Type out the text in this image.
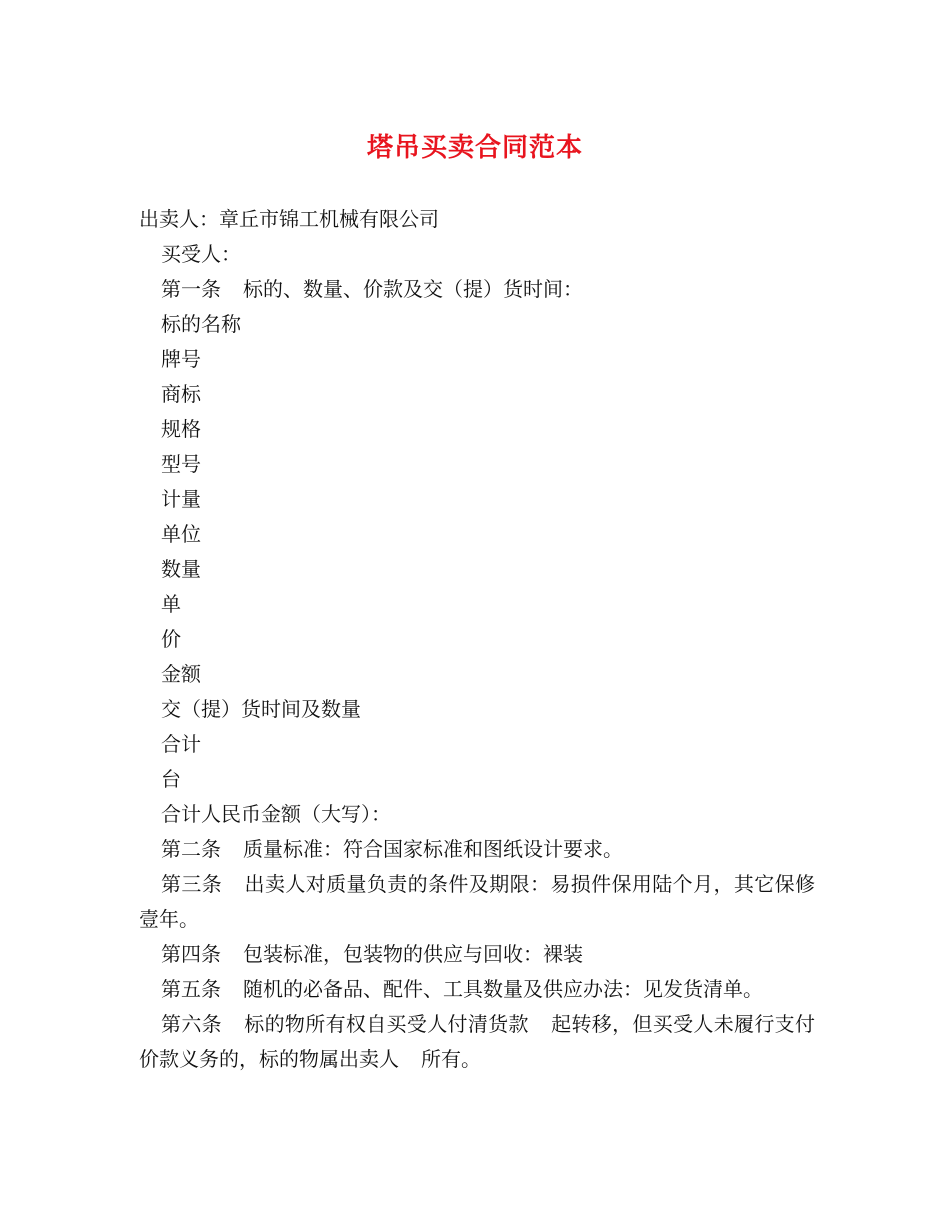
塔吊买卖合同范本
出卖人：章丘市锦工机械有限公司
买受人：
第一条 标的、数量、价款及交（提）货时间：
标的名称
牌号
商标
规格
型号
计量
单位
数量
单
价
金额
交（提）货时间及数量
合计
台
合计人民币金额（大写）：
第二条 质量标准：符合国家标准和图纸设计要求。
第三条 出卖人对质量负责的条件及期限：易损件保用陆个月，其它保修壹年。
第四条 包装标准，包装物的供应与回收：裸装
第五条 随机的必备品、配件、工具数量及供应办法：见发货清单。
第六条 标的物所有权自买受人付清货款 起转移，但买受人未履行支付价款义务的，标的物属出卖人 所有。
